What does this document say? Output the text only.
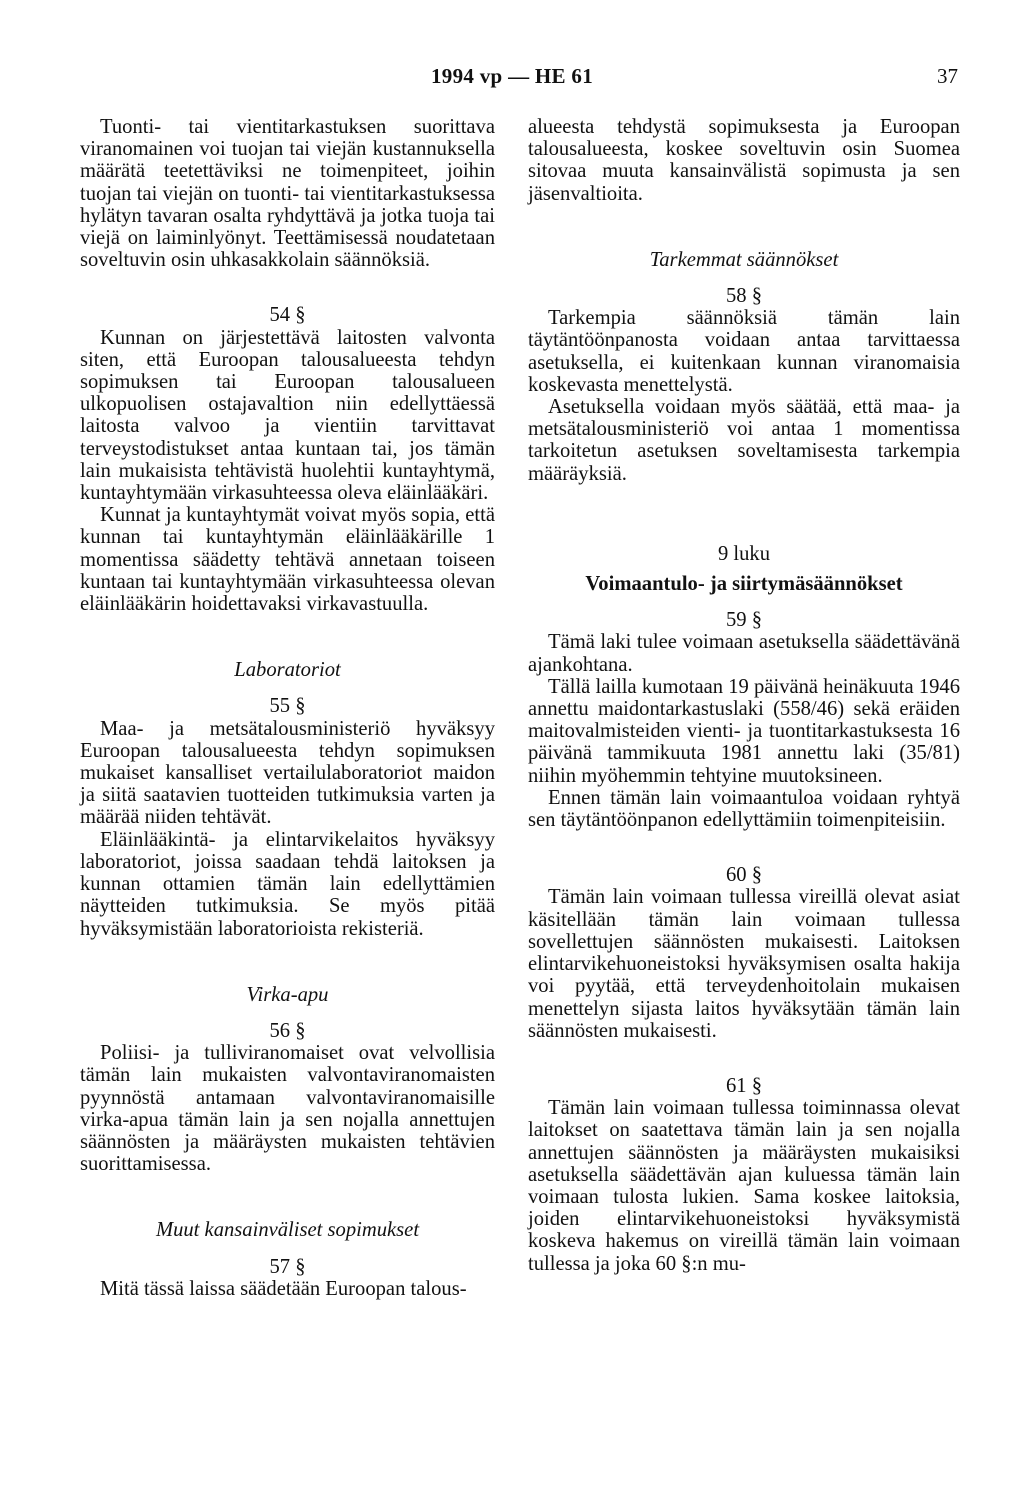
1994 vp — HE 61	37

Tuonti- tai vientitarkastuksen suorittava viranomainen voi tuojan tai viejän kustannuksella määrätä teetettäviksi ne toimenpiteet, joihin tuojan tai viejän on tuonti- tai vientitarkastuksessa hylätyn tavaran osalta ryhdyttävä ja jotka tuoja tai viejä on laiminlyönyt. Teettämisessä noudatetaan soveltuvin osin uhkasakkolain säännöksiä.

54 §

Kunnan on järjestettävä laitosten valvonta siten, että Euroopan talousalueesta tehdyn sopimuksen tai Euroopan talousalueen ulkopuolisen ostajavaltion niin edellyttäessä laitosta valvoo ja vientiin tarvittavat terveystodistukset antaa kuntaan tai, jos tämän lain mukaisista tehtävistä huolehtii kuntayhtymä, kuntayhtymään virkasuhteessa oleva eläinlääkäri.

Kunnat ja kuntayhtymät voivat myös sopia, että kunnan tai kuntayhtymän eläinlääkärille 1 momentissa säädetty tehtävä annetaan toiseen kuntaan tai kuntayhtymään virkasuhteessa olevan eläinlääkärin hoidettavaksi virkavastuulla.

Laboratoriot

55 §

Maa- ja metsätalousministeriö hyväksyy Euroopan talousalueesta tehdyn sopimuksen mukaiset kansalliset vertailulaboratoriot maidon ja siitä saatavien tuotteiden tutkimuksia varten ja määrää niiden tehtävät.

Eläinlääkintä- ja elintarvikelaitos hyväksyy laboratoriot, joissa saadaan tehdä laitoksen ja kunnan ottamien tämän lain edellyttämien näytteiden tutkimuksia. Se myös pitää hyväksymistään laboratorioista rekisteriä.

Virka-apu

56 §

Poliisi- ja tulliviranomaiset ovat velvollisia tämän lain mukaisten valvontaviranomaisten pyynnöstä antamaan valvontaviranomaisille virka-apua tämän lain ja sen nojalla annettujen säännösten ja määräysten mukaisten tehtävien suorittamisessa.

Muut kansainväliset sopimukset

57 §

Mitä tässä laissa säädetään Euroopan talous-

alueesta tehdystä sopimuksesta ja Euroopan talousalueesta, koskee soveltuvin osin Suomea sitovaa muuta kansainvälistä sopimusta ja sen jäsenvaltioita.

Tarkemmat säännökset

58 §

Tarkempia säännöksiä tämän lain täytäntöönpanosta voidaan antaa tarvittaessa asetuksella, ei kuitenkaan kunnan viranomaisia koskevasta menettelystä.

Asetuksella voidaan myös säätää, että maa- ja metsätalousministeriö voi antaa 1 momentissa tarkoitetun asetuksen soveltamisesta tarkempia määräyksiä.

9 luku

Voimaantulo- ja siirtymäsäännökset

59 §

Tämä laki tulee voimaan asetuksella säädettävänä ajankohtana.

Tällä lailla kumotaan 19 päivänä heinäkuuta 1946 annettu maidontarkastuslaki (558/46) sekä eräiden maitovalmisteiden vienti- ja tuontitarkastuksesta 16 päivänä tammikuuta 1981 annettu laki (35/81) niihin myöhemmin tehtyine muutoksineen.

Ennen tämän lain voimaantuloa voidaan ryhtyä sen täytäntöönpanon edellyttämiin toimenpiteisiin.

60 §

Tämän lain voimaan tullessa vireillä olevat asiat käsitellään tämän lain voimaan tullessa sovellettujen säännösten mukaisesti. Laitoksen elintarvikehuoneistoksi hyväksymisen osalta hakija voi pyytää, että terveydenhoitolain mukaisen menettelyn sijasta laitos hyväksytään tämän lain säännösten mukaisesti.

61 §

Tämän lain voimaan tullessa toiminnassa olevat laitokset on saatettava tämän lain ja sen nojalla annettujen säännösten ja määräysten mukaisiksi asetuksella säädettävän ajan kuluessa tämän lain voimaan tulosta lukien. Sama koskee laitoksia, joiden elintarvikehuoneistoksi hyväksymistä koskeva hakemus on vireillä tämän lain voimaan tullessa ja joka 60 §:n mu-
